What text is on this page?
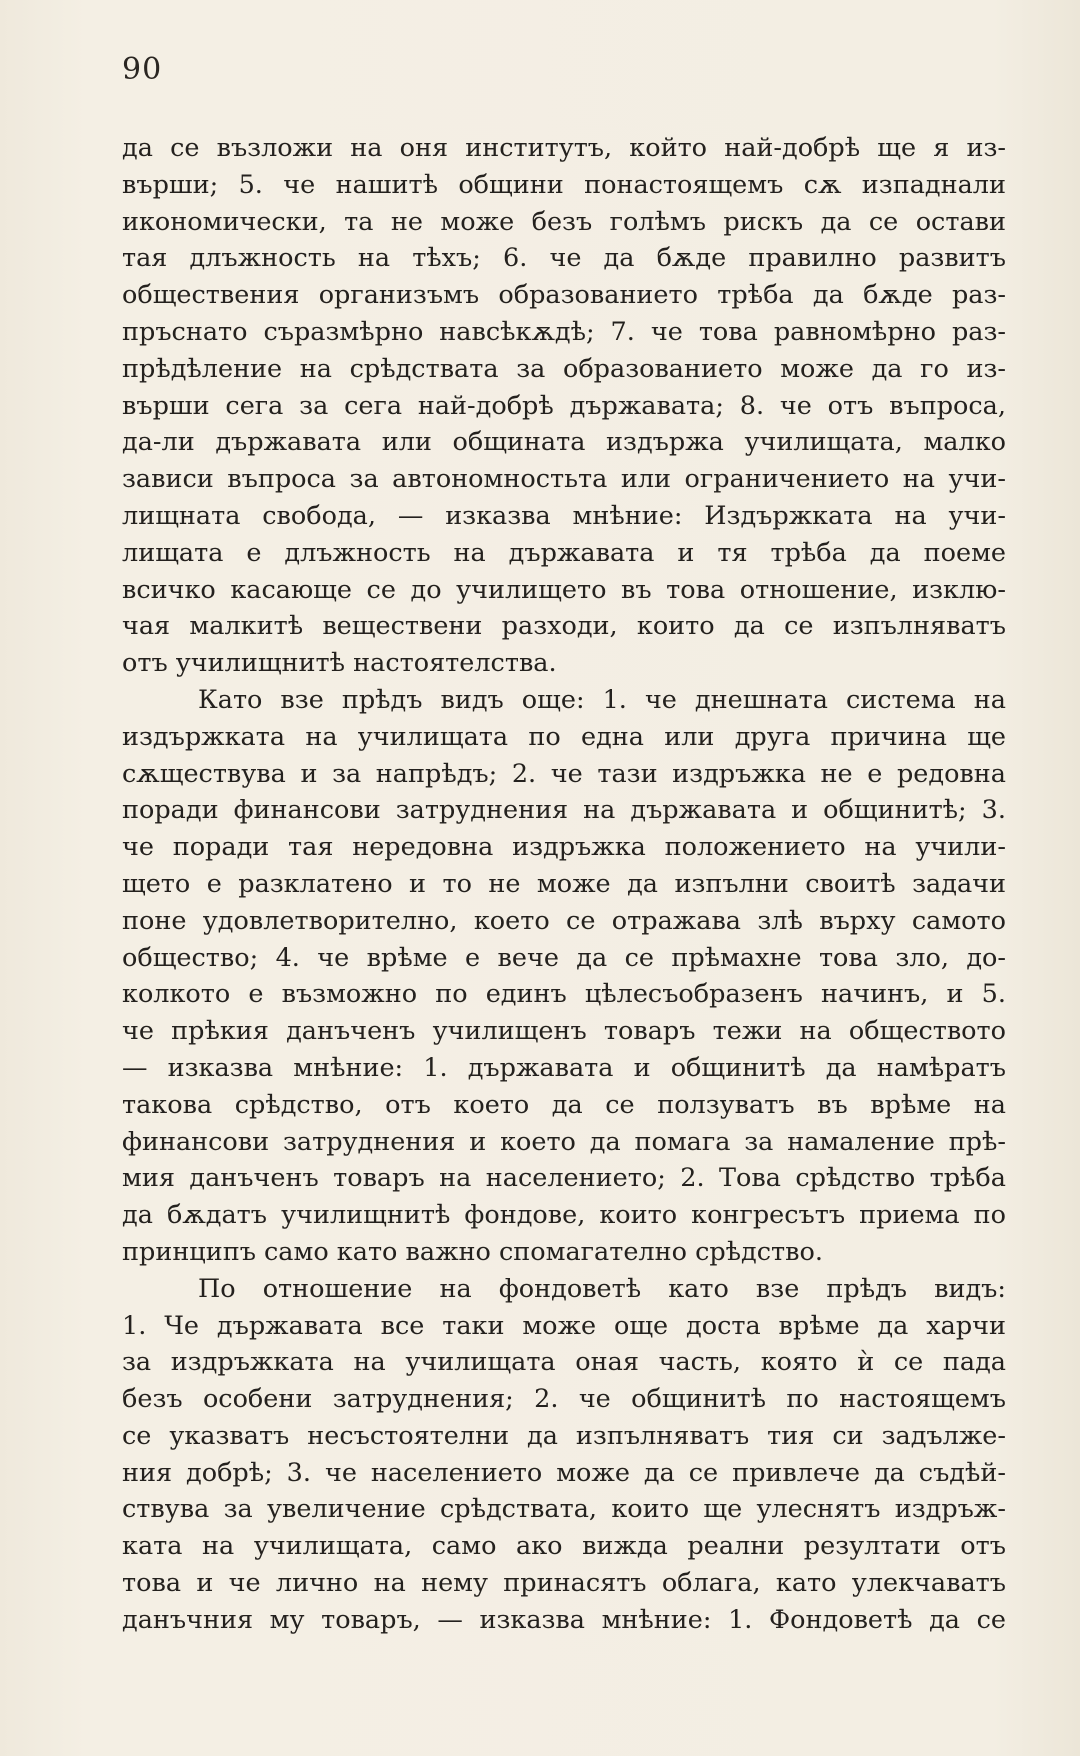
90
да се възложи на оня институтъ, който най-добрѣ ще я из-
върши; 5. че нашитѣ общини понастоящемъ сѫ изпаднали
икономически, та не може безъ голѣмъ рискъ да се остави
тая длъжность на тѣхъ; 6. че да бѫде правилно развитъ
обществения организъмъ образованието трѣба да бѫде раз-
пръснато съразмѣрно навсѣкѫдѣ; 7. че това равномѣрно раз-
прѣдѣление на срѣдствата за образованието може да го из-
върши сега за сега най-добрѣ държавата; 8. че отъ въпроса,
да-ли държавата или общината издържа училищата, малко
зависи въпроса за автономностьта или ограничението на учи-
лищната свобода, — изказва мнѣние: Издържката на учи-
лищата е длъжность на държавата и тя трѣба да поеме
всичко касающе се до училището въ това отношение, изклю-
чая малкитѣ веществени разходи, които да се изпълняватъ
отъ училищнитѣ настоятелства.
Като взе прѣдъ видъ още: 1. че днешната система на
издържката на училищата по една или друга причина ще
сѫществува и за напрѣдъ; 2. че тази издръжка не е редовна
поради финансови затруднения на държавата и общинитѣ; 3.
че поради тая нередовна издръжка положението на учили-
щето е разклатено и то не може да изпълни своитѣ задачи
поне удовлетворително, което се отражава злѣ върху самото
общество; 4. че врѣме е вече да се прѣмахне това зло, до-
колкото е възможно по единъ цѣлесъобразенъ начинъ, и 5.
че прѣкия данъченъ училищенъ товаръ тежи на обществото
— изказва мнѣние: 1. държавата и общинитѣ да намѣратъ
такова срѣдство, отъ което да се ползуватъ въ врѣме на
финансови затруднения и което да помага за намаление прѣ-
мия данъченъ товаръ на населението; 2. Това срѣдство трѣба
да бѫдатъ училищнитѣ фондове, които конгресътъ приема по
принципъ само като важно спомагателно срѣдство.
По отношение на фондоветѣ като взе прѣдъ видъ:
1. Че държавата все таки може още доста врѣме да харчи
за издръжката на училищата оная часть, която ѝ се пада
безъ особени затруднения; 2. че общинитѣ по настоящемъ
се указватъ несъстоятелни да изпълняватъ тия си задълже-
ния добрѣ; 3. че населението може да се привлече да съдѣй-
ствува за увеличение срѣдствата, които ще улеснятъ издръж-
ката на училищата, само ако вижда реални резултати отъ
това и че лично на нему принасятъ облага, като улекчаватъ
данъчния му товаръ, — изказва мнѣние: 1. Фондоветѣ да се
